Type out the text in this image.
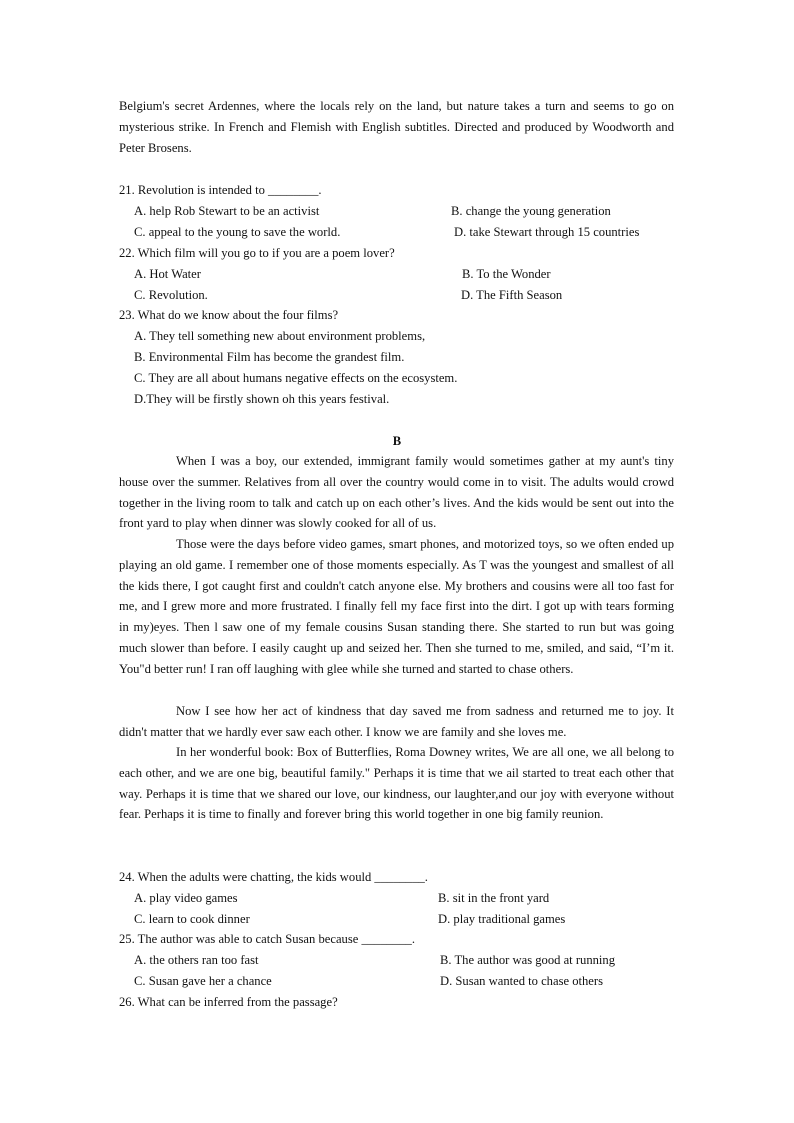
Belgium's secret Ardennes, where the locals rely on the land, but nature takes a turn and seems to go on mysterious strike. In French and Flemish with English subtitles. Directed and produced by Woodworth and Peter Brosens.

21. Revolution is intended to ________.
A. help Rob Stewart to be an activist	B. change the young generation
C. appeal to the young to save the world.	D. take Stewart through 15 countries
22. Which film will you go to if you are a poem lover?
A. Hot Water	B. To the Wonder
C. Revolution.	D. The Fifth Season
23. What do we know about the four films?
A. They tell something new about environment problems,
B. Environmental Film has become the grandest film.
C. They are all about humans negative effects on the ecosystem.
D.They will be firstly shown oh this years festival.
B

When I was a boy, our extended, immigrant family would sometimes gather at my aunt's tiny house over the summer. Relatives from all over the country would come in to visit. The adults would crowd together in the living room to talk and catch up on each other’s lives. And the kids would be sent out into the front yard to play when dinner was slowly cooked for all of us.

Those were the days before video games, smart phones, and motorized toys, so we often ended up playing an old game. I remember one of those moments especially. As T was the youngest and smallest of all the kids there, I got caught first and couldn't catch anyone else. My brothers and cousins were all too fast for me, and I grew more and more frustrated. I finally fell my face first into the dirt. I got up with tears forming in my)eyes. Then l saw one of my female cousins Susan standing there. She started to run but was going much slower than before. I easily caught up and seized her. Then she turned to me, smiled, and said, “I’m it. You"d better run! I ran off laughing with glee while she turned and started to chase others.

Now I see how her act of kindness that day saved me from sadness and returned me to joy. It didn't matter that we hardly ever saw each other. I know we are family and she loves me.

In her wonderful book: Box of Butterflies, Roma Downey writes, We are all one, we all belong to each other, and we are one big, beautiful family." Perhaps it is time that we ail started to treat each other that way. Perhaps it is time that we shared our love, our kindness, our laughter,and our joy with everyone without fear. Perhaps it is time to finally and forever bring this world together in one big family reunion.

24. When the adults were chatting, the kids would ________.
A. play video games	B. sit in the front yard
C. learn to cook dinner	D. play traditional games
25. The author was able to catch Susan because ________.
A. the others ran too fast	B. The author was good at running
C. Susan gave her a chance	D. Susan wanted to chase others
26. What can be inferred from the passage?
